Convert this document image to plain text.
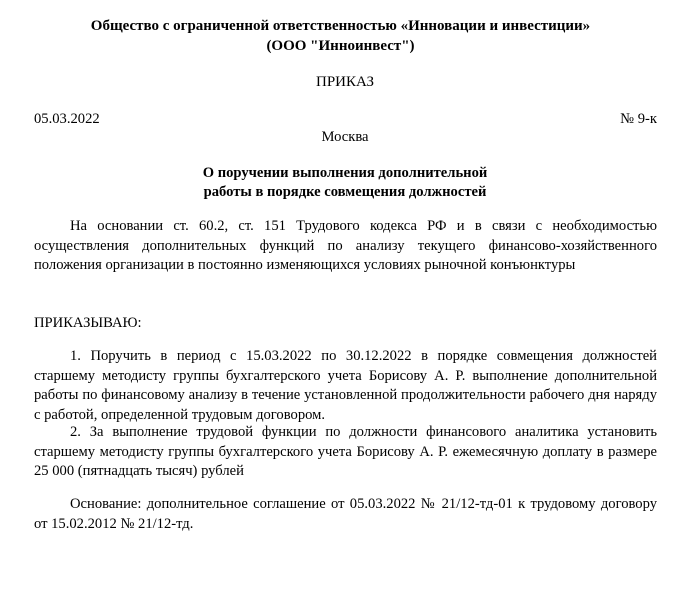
Общество с ограниченной ответственностью «Инновации и инвестиции»
(ООО "Инноинвест")
ПРИКАЗ
05.03.2022	№ 9-к
Москва
О поручении выполнения дополнительной
работы в порядке совмещения должностей
На основании ст. 60.2, ст. 151 Трудового кодекса РФ и в связи с необходимостью осуществления дополнительных функций по анализу текущего финансово-хозяйственного положения организации в постоянно изменяющихся условиях рыночной конъюнктуры
ПРИКАЗЫВАЮ:
1. Поручить в период с 15.03.2022 по 30.12.2022 в порядке совмещения должностей старшему методисту группы бухгалтерского учета Борисову А. Р. выполнение дополнительной работы по финансовому анализу в течение установленной продолжительности рабочего дня наряду с работой, определенной трудовым договором.
2. За выполнение трудовой функции по должности финансового аналитика установить старшему методисту группы бухгалтерского учета Борисову А. Р. ежемесячную доплату в размере 25 000 (пятнадцать тысяч) рублей
Основание: дополнительное соглашение от 05.03.2022 № 21/12-тд-01 к трудовому договору от 15.02.2012 № 21/12-тд.
